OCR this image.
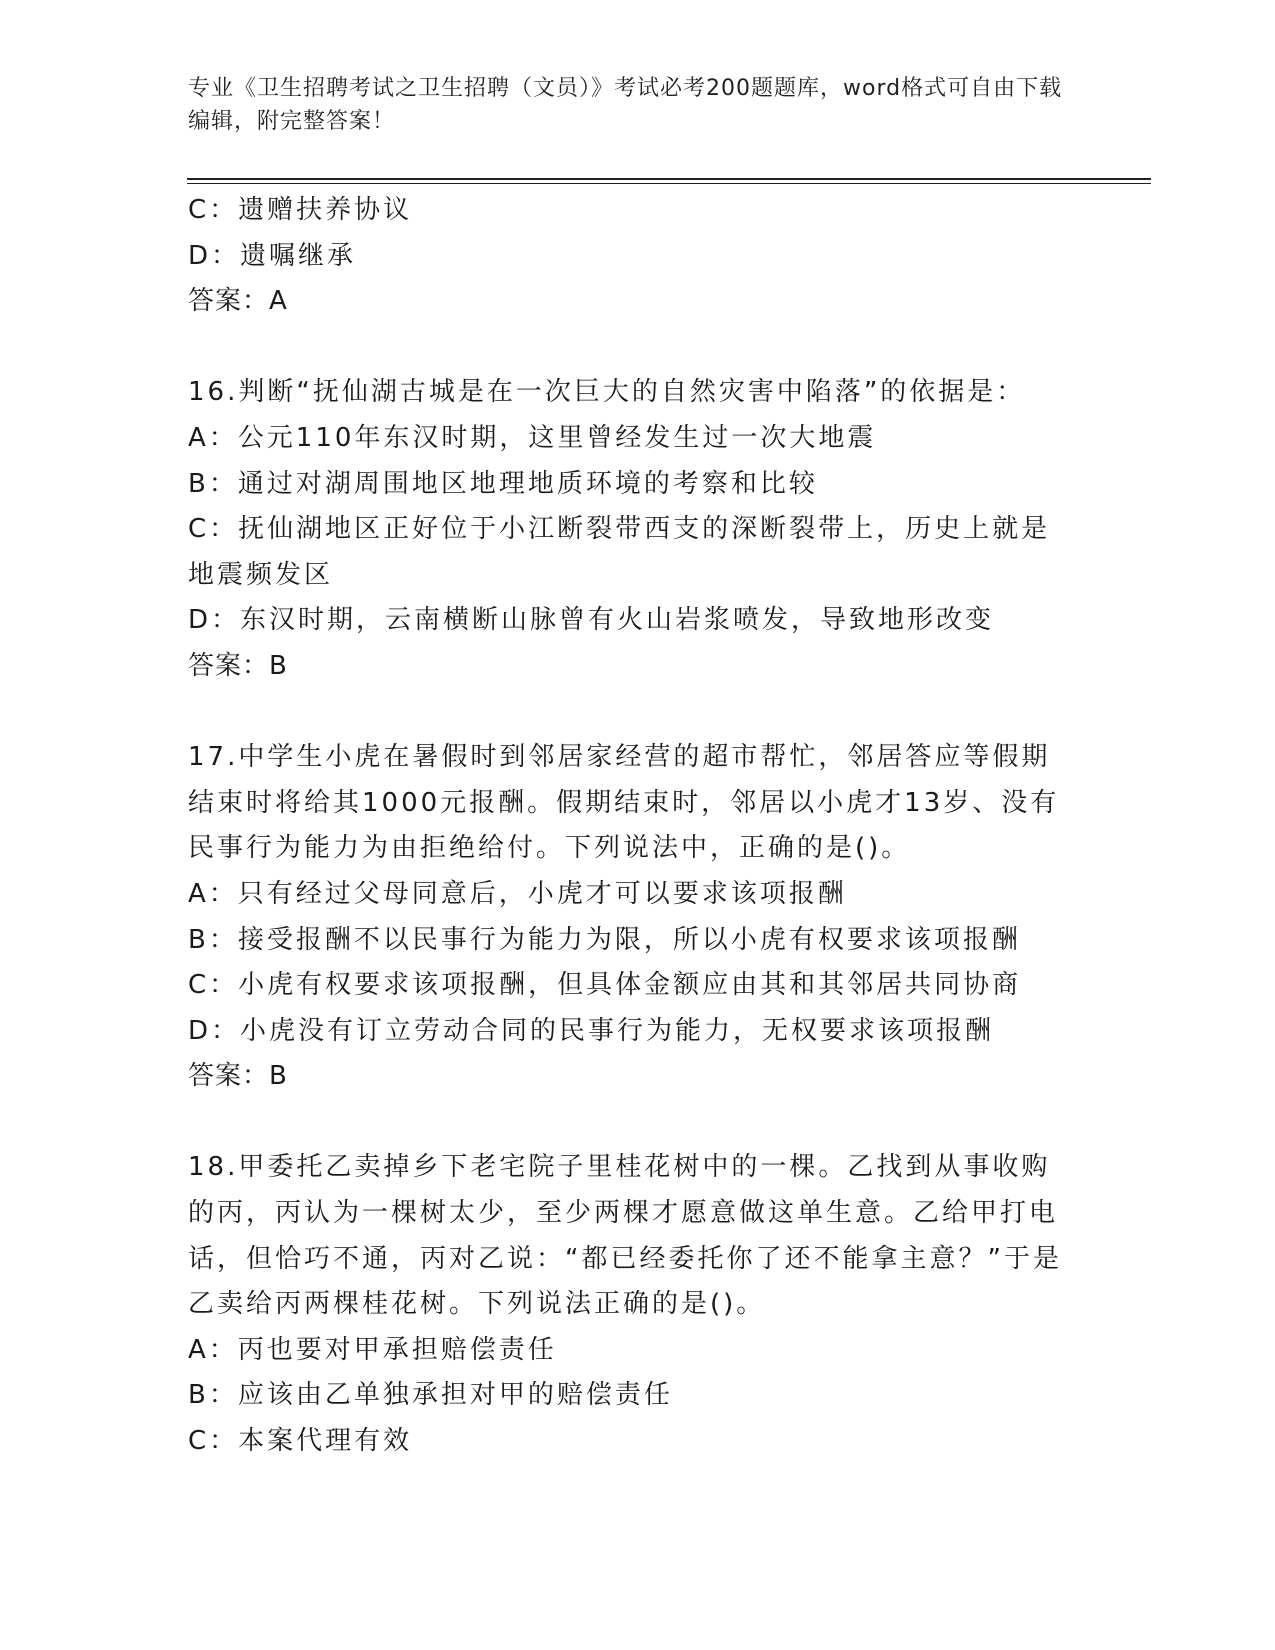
专业《卫生招聘考试之卫生招聘（文员）》考试必考200题题库，word格式可自由下载编辑，附完整答案！

C：遗赠扶养协议

D：遗嘱继承

答案：A

16.判断“抚仙湖古城是在一次巨大的自然灾害中陷落”的依据是：

A：公元110年东汉时期，这里曾经发生过一次大地震

B：通过对湖周围地区地理地质环境的考察和比较

C：抚仙湖地区正好位于小江断裂带西支的深断裂带上，历史上就是地震频发区

D：东汉时期，云南横断山脉曾有火山岩浆喷发，导致地形改变

答案：B

17.中学生小虎在暑假时到邻居家经营的超市帮忙，邻居答应等假期结束时将给其1000元报酬。假期结束时，邻居以小虎才13岁、没有民事行为能力为由拒绝给付。下列说法中，正确的是()。

A：只有经过父母同意后，小虎才可以要求该项报酬

B：接受报酬不以民事行为能力为限，所以小虎有权要求该项报酬

C：小虎有权要求该项报酬，但具体金额应由其和其邻居共同协商

D：小虎没有订立劳动合同的民事行为能力，无权要求该项报酬

答案：B

18.甲委托乙卖掉乡下老宅院子里桂花树中的一棵。乙找到从事收购的丙，丙认为一棵树太少，至少两棵才愿意做这单生意。乙给甲打电话，但恰巧不通，丙对乙说：“都已经委托你了还不能拿主意？”于是乙卖给丙两棵桂花树。下列说法正确的是()。

A：丙也要对甲承担赔偿责任

B：应该由乙单独承担对甲的赔偿责任

C：本案代理有效
